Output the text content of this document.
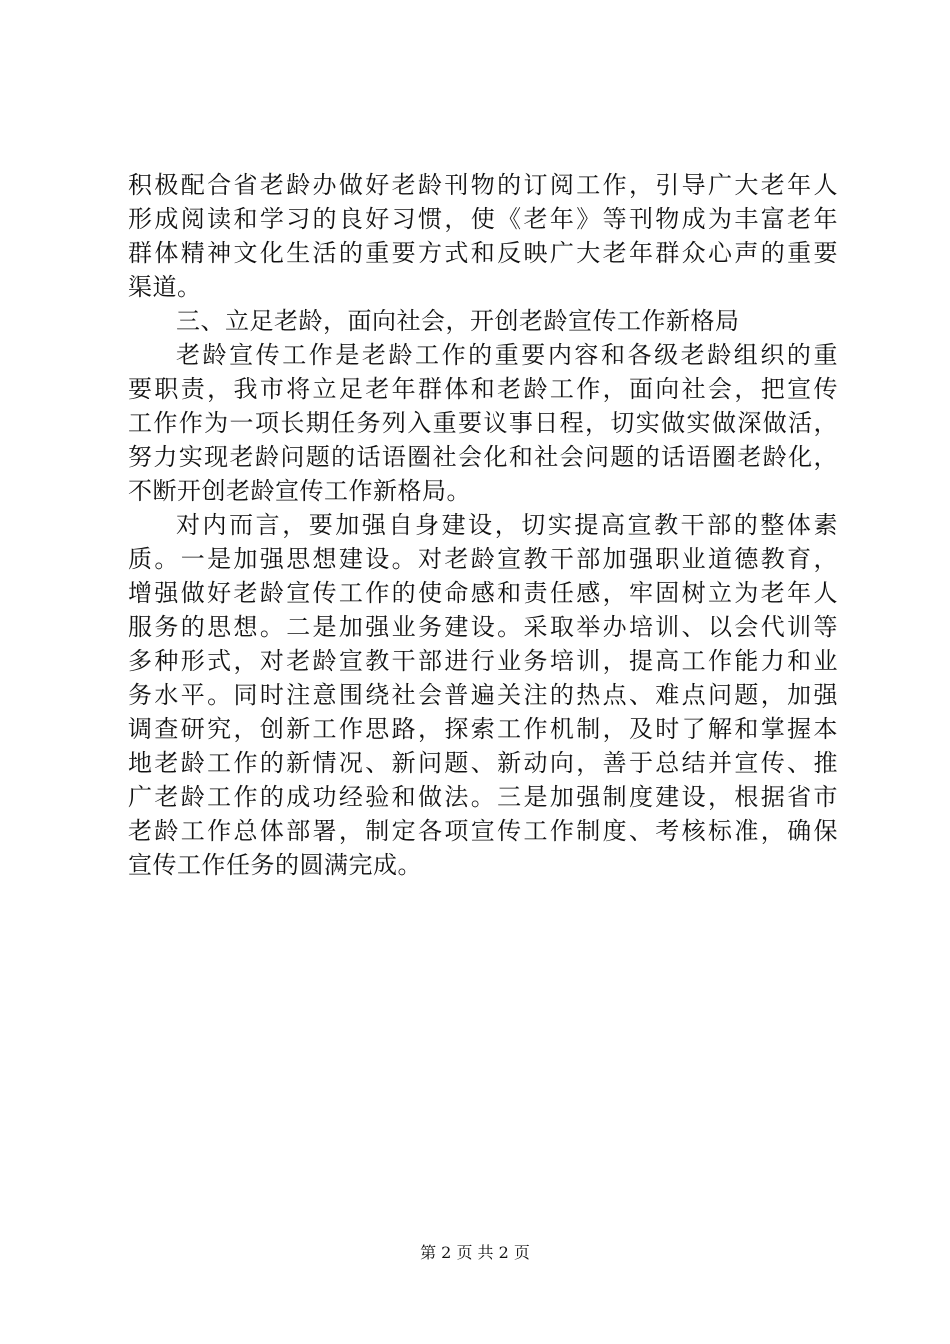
积极配合省老龄办做好老龄刊物的订阅工作，引导广大老年人
形成阅读和学习的良好习惯，使《老年》等刊物成为丰富老年
群体精神文化生活的重要方式和反映广大老年群众心声的重要
渠道。
三、立足老龄，面向社会，开创老龄宣传工作新格局
老龄宣传工作是老龄工作的重要内容和各级老龄组织的重
要职责，我市将立足老年群体和老龄工作，面向社会，把宣传
工作作为一项长期任务列入重要议事日程，切实做实做深做活，
努力实现老龄问题的话语圈社会化和社会问题的话语圈老龄化，
不断开创老龄宣传工作新格局。
对内而言，要加强自身建设，切实提高宣教干部的整体素
质。一是加强思想建设。对老龄宣教干部加强职业道德教育，
增强做好老龄宣传工作的使命感和责任感，牢固树立为老年人
服务的思想。二是加强业务建设。采取举办培训、以会代训等
多种形式，对老龄宣教干部进行业务培训，提高工作能力和业
务水平。同时注意围绕社会普遍关注的热点、难点问题，加强
调查研究，创新工作思路，探索工作机制，及时了解和掌握本
地老龄工作的新情况、新问题、新动向，善于总结并宣传、推
广老龄工作的成功经验和做法。三是加强制度建设，根据省市
老龄工作总体部署，制定各项宣传工作制度、考核标准，确保
宣传工作任务的圆满完成。
第 2 页 共 2 页
